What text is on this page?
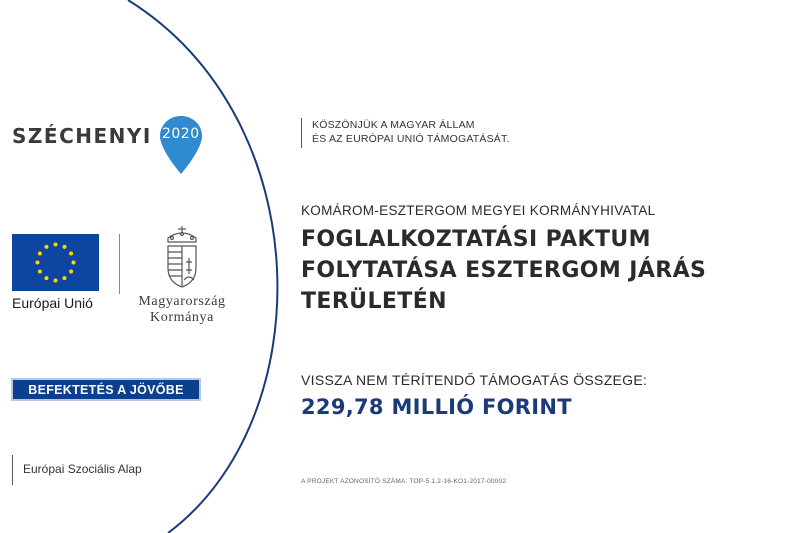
SZÉCHENYI 2020
Európai Unió	Magyarország
Kormánya
BEFEKTETÉS A JÖVŐBE
Európai Szociális Alap
KÖSZÖNJÜK A MAGYAR ÁLLAM
ÉS AZ EURÓPAI UNIÓ TÁMOGATÁSÁT.
KOMÁROM-ESZTERGOM MEGYEI KORMÁNYHIVATAL
FOGLALKOZTATÁSI PAKTUM
FOLYTATÁSA ESZTERGOM JÁRÁS
TERÜLETÉN
VISSZA NEM TÉRÍTENDŐ TÁMOGATÁS ÖSSZEGE:
229,78 MILLIÓ FORINT
A PROJEKT AZONOSÍTÓ SZÁMA: TOP-5.1.2-16-KO1-2017-00002
